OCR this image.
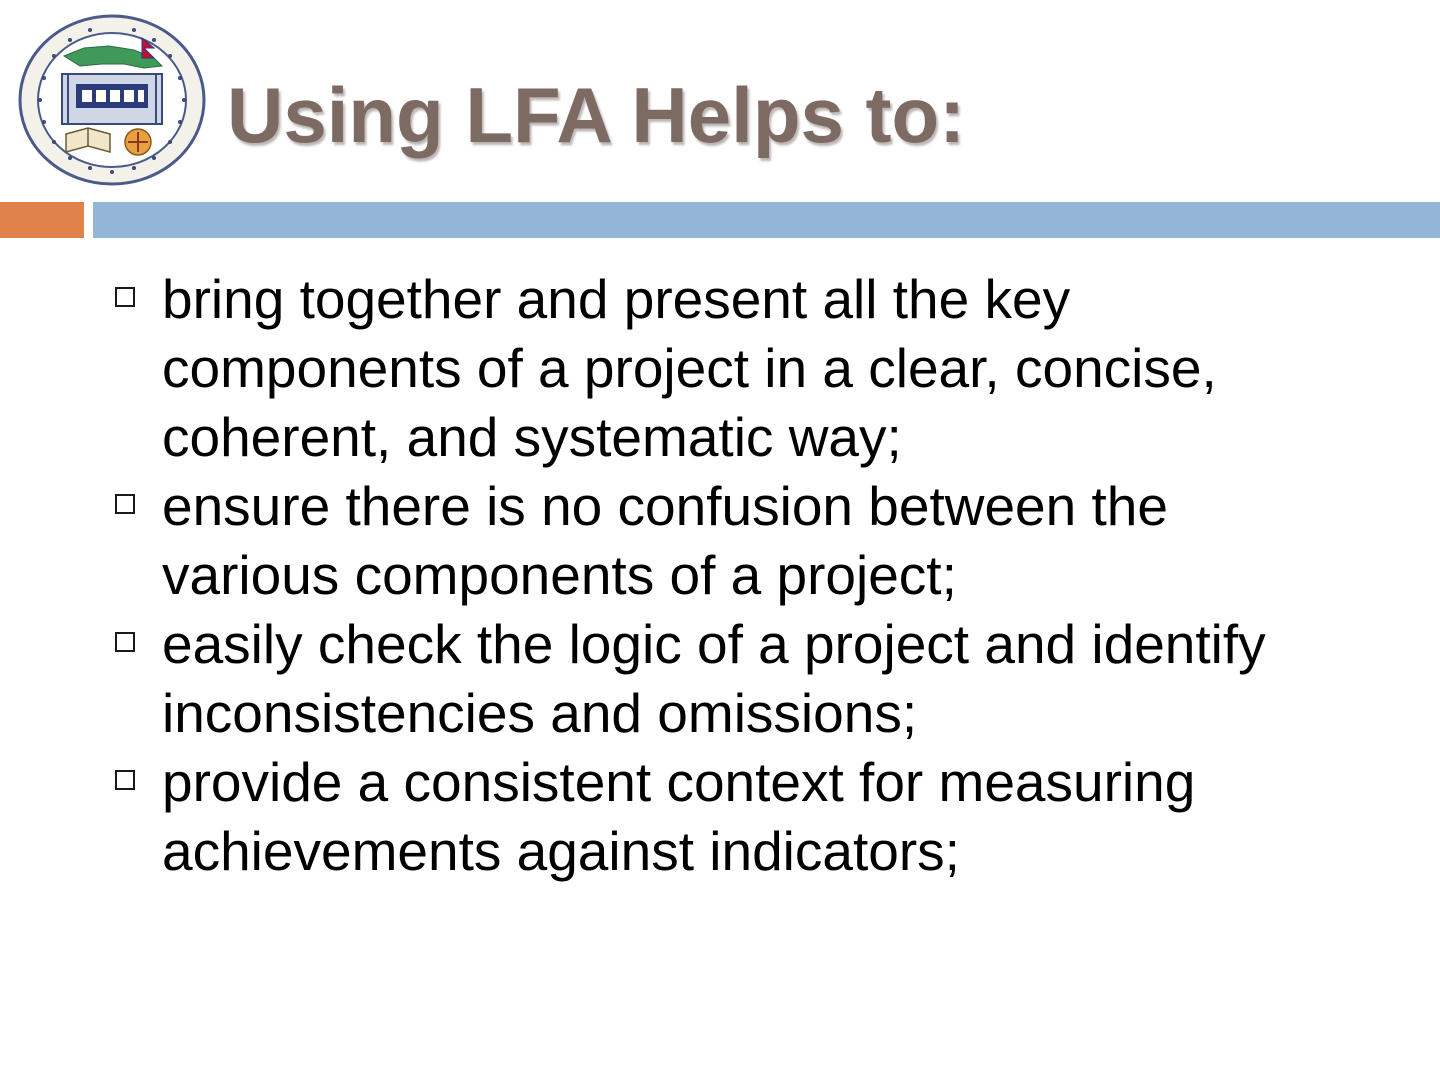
Using LFA Helps to:
bring together and present all the key
components of a project in a clear, concise,
coherent, and systematic way;
ensure there is no confusion between the
various components of a project;
easily check the logic of a project and identify
inconsistencies and omissions;
provide a consistent context for measuring
achievements against indicators;
